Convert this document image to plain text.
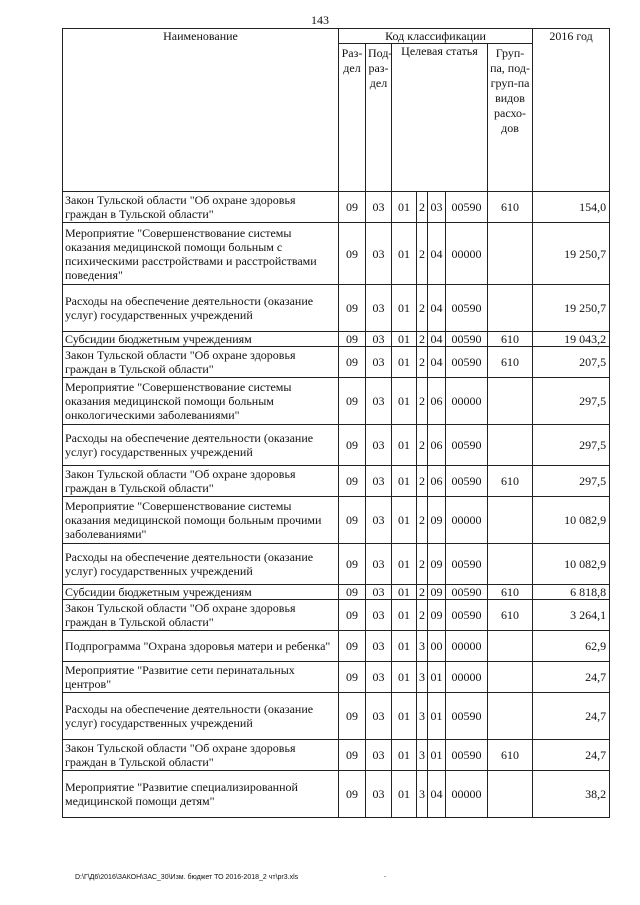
143
Наименование	Код классификации							2016 год
	Раз-дел	Под-раз-дел	Целевая статья				Груп-па, под-груп-па видов расхо-дов	
Закон Тульской области "Об охране здоровья граждан в Тульской области"	09	03	01	2	03	00590	610	154,0
Мероприятие "Совершенствование системы оказания медицинской помощи больным с психическими расстройствами и расстройствами поведения"	09	03	01	2	04	00000		19 250,7
Расходы на обеспечение деятельности (оказание услуг) государственных учреждений	09	03	01	2	04	00590		19 250,7
Субсидии бюджетным учреждениям	09	03	01	2	04	00590	610	19 043,2
Закон Тульской области "Об охране здоровья граждан в Тульской области"	09	03	01	2	04	00590	610	207,5
Мероприятие "Совершенствование системы оказания медицинской помощи больным онкологическими заболеваниями"	09	03	01	2	06	00000		297,5
Расходы на обеспечение деятельности (оказание услуг) государственных учреждений	09	03	01	2	06	00590		297,5
Закон Тульской области "Об охране здоровья граждан в Тульской области"	09	03	01	2	06	00590	610	297,5
Мероприятие "Совершенствование системы оказания медицинской помощи больным прочими заболеваниями"	09	03	01	2	09	00000		10 082,9
Расходы на обеспечение деятельности (оказание услуг) государственных учреждений	09	03	01	2	09	00590		10 082,9
Субсидии бюджетным учреждениям	09	03	01	2	09	00590	610	6 818,8
Закон Тульской области "Об охране здоровья граждан в Тульской области"	09	03	01	2	09	00590	610	3 264,1
Подпрограмма "Охрана здоровья матери и ребенка"	09	03	01	3	00	00000		62,9
Мероприятие "Развитие сети перинатальных центров"	09	03	01	3	01	00000		24,7
Расходы на обеспечение деятельности (оказание услуг) государственных учреждений	09	03	01	3	01	00590		24,7
Закон Тульской области "Об охране здоровья граждан в Тульской области"	09	03	01	3	01	00590	610	24,7
Мероприятие "Развитие специализированной медицинской помощи детям"	09	03	01	3	04	00000		38,2
D:\Г\Д6\2016\ЗАКОН\ЗАС_30\Изм. бюджет ТО 2016-2018_2 чт\pr3.xls	.
